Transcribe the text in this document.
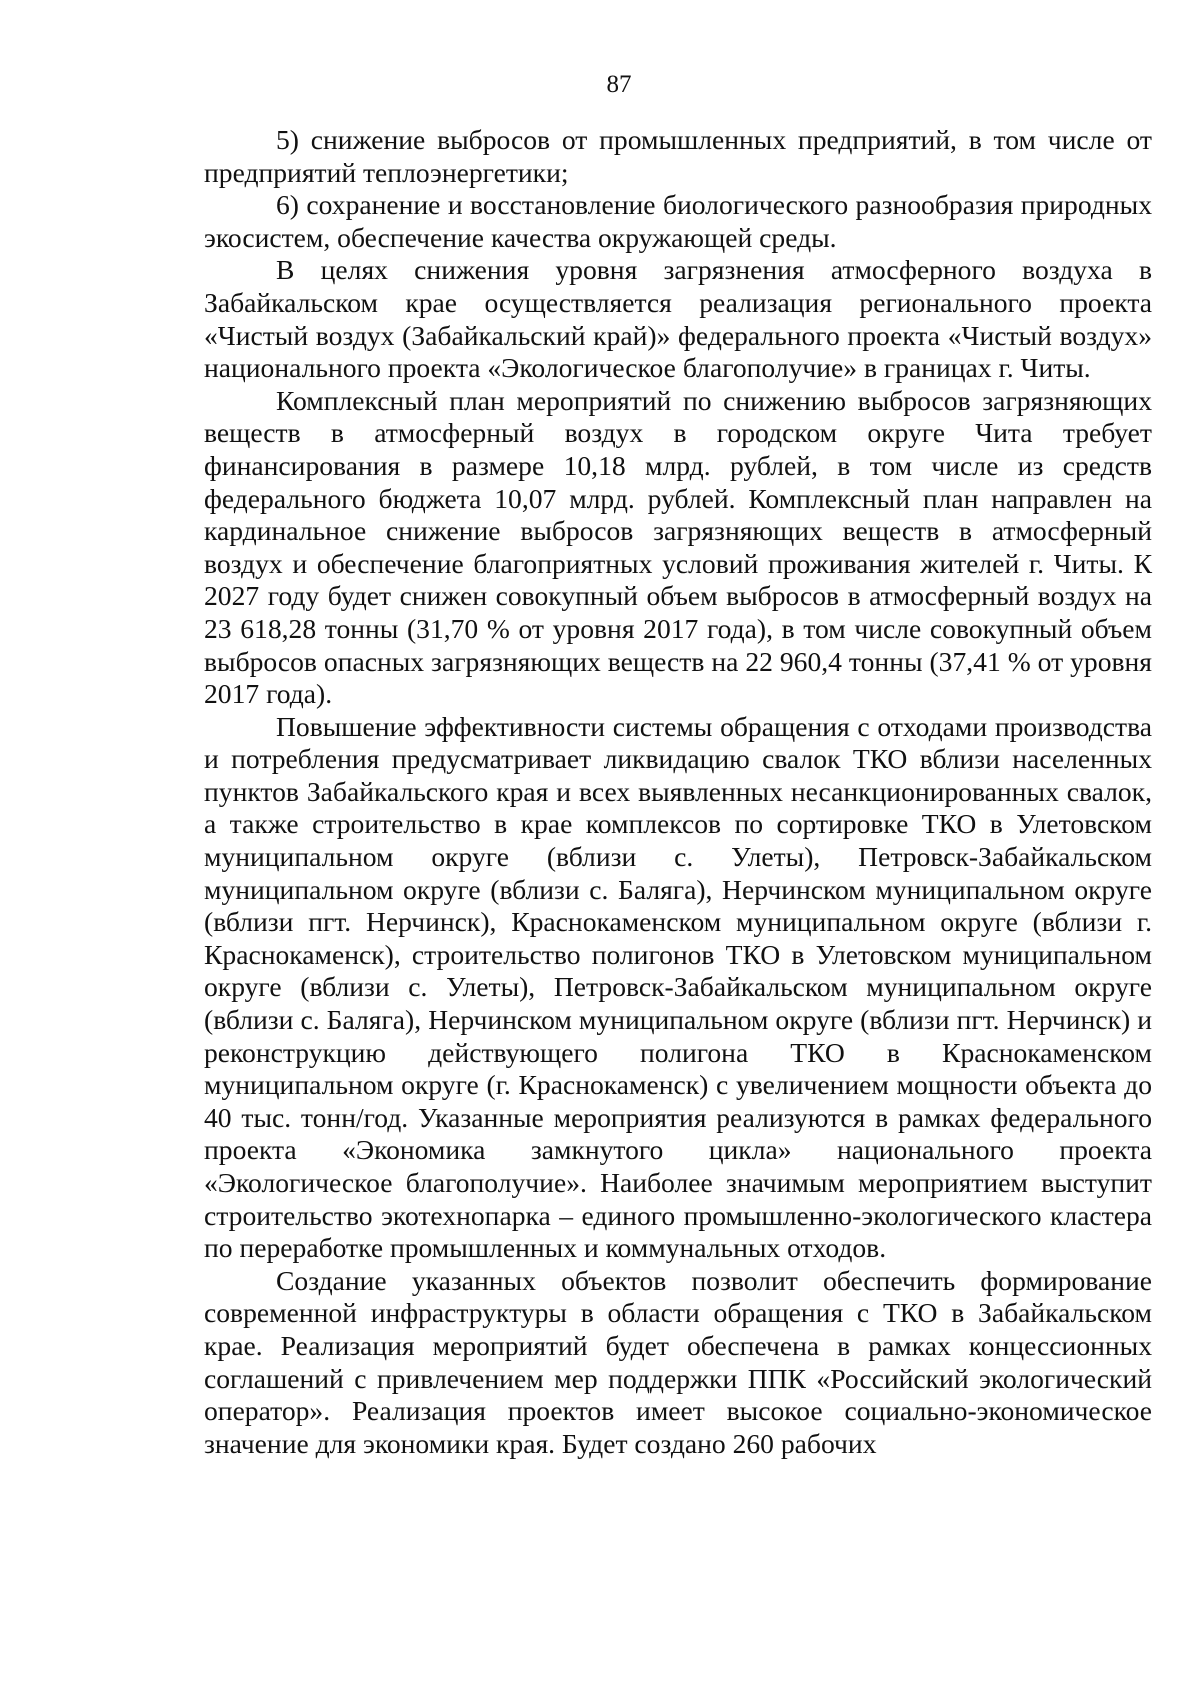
87

5) снижение выбросов от промышленных предприятий, в том числе от предприятий теплоэнергетики;

6) сохранение и восстановление биологического разнообразия природных экосистем, обеспечение качества окружающей среды.

В целях снижения уровня загрязнения атмосферного воздуха в Забайкальском крае осуществляется реализация регионального проекта «Чистый воздух (Забайкальский край)» федерального проекта «Чистый воздух» национального проекта «Экологическое благополучие» в границах г. Читы.

Комплексный план мероприятий по снижению выбросов загрязняющих веществ в атмосферный воздух в городском округе Чита требует финансирования в размере 10,18 млрд. рублей, в том числе из средств федерального бюджета 10,07 млрд. рублей. Комплексный план направлен на кардинальное снижение выбросов загрязняющих веществ в атмосферный воздух и обеспечение благоприятных условий проживания жителей г. Читы. К 2027 году будет снижен совокупный объем выбросов в атмосферный воздух на 23 618,28 тонны (31,70 % от уровня 2017 года), в том числе совокупный объем выбросов опасных загрязняющих веществ на 22 960,4 тонны (37,41 % от уровня 2017 года).

Повышение эффективности системы обращения с отходами производства и потребления предусматривает ликвидацию свалок ТКО вблизи населенных пунктов Забайкальского края и всех выявленных несанкционированных свалок, а также строительство в крае комплексов по сортировке ТКО в Улетовском муниципальном округе (вблизи с. Улеты), Петровск-Забайкальском муниципальном округе (вблизи с. Баляга), Нерчинском муниципальном округе (вблизи пгт. Нерчинск), Краснокаменском муниципальном округе (вблизи г. Краснокаменск), строительство полигонов ТКО в Улетовском муниципальном округе (вблизи с. Улеты), Петровск-Забайкальском муниципальном округе (вблизи с. Баляга), Нерчинском муниципальном округе (вблизи пгт. Нерчинск) и реконструкцию действующего полигона ТКО в Краснокаменском муниципальном округе (г. Краснокаменск) с увеличением мощности объекта до 40 тыс. тонн/год. Указанные мероприятия реализуются в рамках федерального проекта «Экономика замкнутого цикла» национального проекта «Экологическое благополучие». Наиболее значимым мероприятием выступит строительство экотехнопарка – единого промышленно-экологического кластера по переработке промышленных и коммунальных отходов.

Создание указанных объектов позволит обеспечить формирование современной инфраструктуры в области обращения с ТКО в Забайкальском крае. Реализация мероприятий будет обеспечена в рамках концессионных соглашений с привлечением мер поддержки ППК «Российский экологический оператор». Реализация проектов имеет высокое социально-экономическое значение для экономики края. Будет создано 260 рабочих
